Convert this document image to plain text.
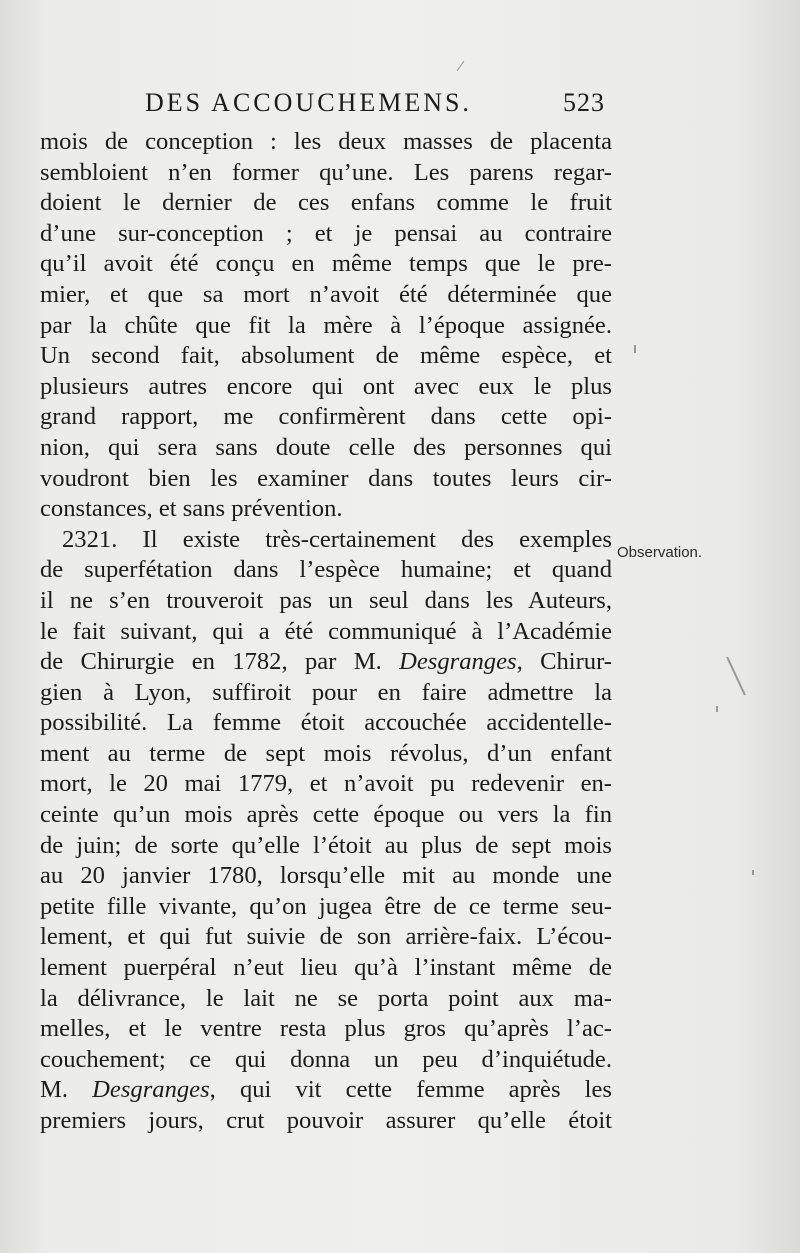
DES ACCOUCHEMENS.	523
mois de conception : les deux masses de placenta
sembloient n’en former qu’une. Les parens regar-
doient le dernier de ces enfans comme le fruit
d’une sur-conception ; et je pensai au contraire
qu’il avoit été conçu en même temps que le pre-
mier, et que sa mort n’avoit été déterminée que
par la chûte que fit la mère à l’époque assignée.
Un second fait, absolument de même espèce, et
plusieurs autres encore qui ont avec eux le plus
grand rapport, me confirmèrent dans cette opi-
nion, qui sera sans doute celle des personnes qui
voudront bien les examiner dans toutes leurs cir-
constances, et sans prévention.
2321. Il existe très-certainement des exemples
de superfétation dans l’espèce humaine; et quand
il ne s’en trouveroit pas un seul dans les Auteurs,
le fait suivant, qui a été communiqué à l’Académie
de Chirurgie en 1782, par M. Desgranges, Chirur-
gien à Lyon, suffiroit pour en faire admettre la
possibilité. La femme étoit accouchée accidentelle-
ment au terme de sept mois révolus, d’un enfant
mort, le 20 mai 1779, et n’avoit pu redevenir en-
ceinte qu’un mois après cette époque ou vers la fin
de juin; de sorte qu’elle l’étoit au plus de sept mois
au 20 janvier 1780, lorsqu’elle mit au monde une
petite fille vivante, qu’on jugea être de ce terme seu-
lement, et qui fut suivie de son arrière-faix. L’écou-
lement puerpéral n’eut lieu qu’à l’instant même de
la délivrance, le lait ne se porta point aux ma-
melles, et le ventre resta plus gros qu’après l’ac-
couchement; ce qui donna un peu d’inquiétude.
M. Desgranges, qui vit cette femme après les
premiers jours, crut pouvoir assurer qu’elle étoit
Observation.
